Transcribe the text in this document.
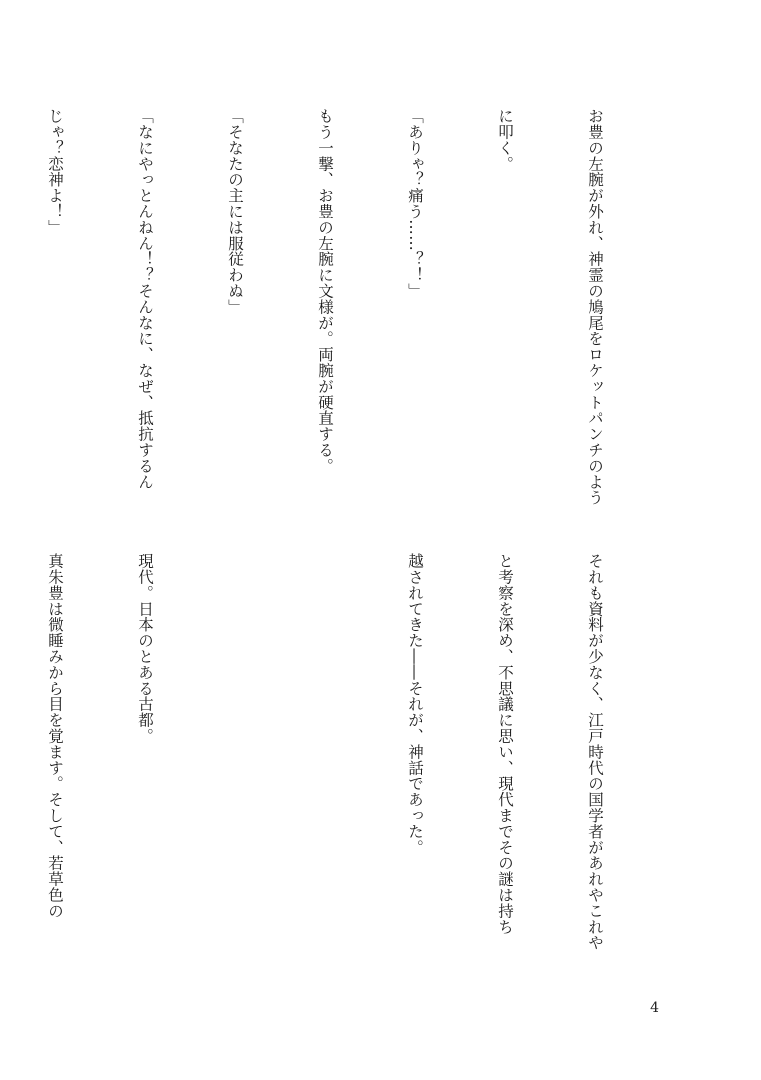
お豊の左腕が外れ、神霊の鳩尾をロケットパンチのよう

に叩く。

「ありゃ？痛う……？！」

もう一撃、お豊の左腕に文様が。両腕が硬直する。

「そなたの主には服従わぬ」

「なにやっとんねん！？そんなに、なぜ、抵抗するん

じゃ？恋神よ！」

それも資料が少なく、江戸時代の国学者があれやこれや

と考察を深め、不思議に思い、現代までその謎は持ち

越されてきた――それが、神話であった。

現代。日本のとある古都。

真朱豊は微睡みから目を覚ます。そして、若草色の

4
